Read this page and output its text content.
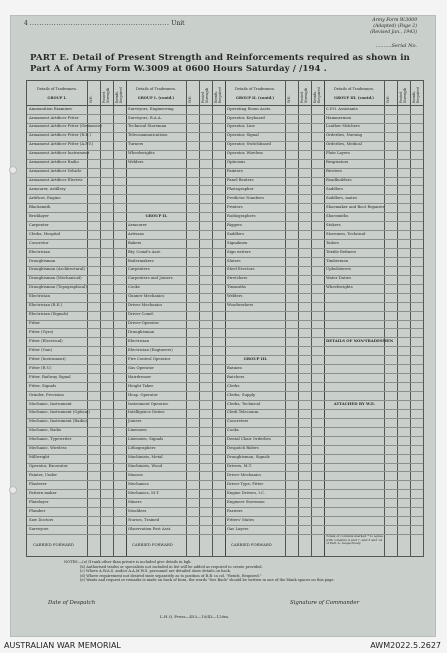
4 .......................................................... Unit	Army Form W.3009
(Adapted) (Page 2)
(Revised Jan., 1943)
..........Serial No.
PART E. Detail of Present Strength and Reinforcements required as shown in
Part A of Army Form W.3009 at 0600 Hours Saturday / /194 .
W.E.	Posted Strength Reinfs. Required
Details of Tradesmen.
GROUP I.
Ammunition Examiner
Armament Artificer Fitter
Armament Artificer Fitter (Ordnance)
Armament Artificer Fitter (R.E.)
Armament Artificer Fitter (A.F.V.)
Armament Artificer Instrument
Armament Artificer Radio
Armament Artificer Vehicle
Armament Artificer Electric
Armourer, Artillery
Artificer, Engine
Blacksmith
Bricklayer
Carpenter
Clerks, Hospital
Concretor
Electrician
Draughtsman
Draughtsman (Architectural)
Draughtsman (Mechanical)
Draughtsman (Topographical)
Electrician
Electrician (R.E.)
Electrician (Signals)
Fitter
Fitter (Gyro)
Fitter (Electrical)
Fitter (Gun)
Fitter (Instrument)
Fitter (R.V.)
Fitter, Railway Signal
Fitter, Signals
Grinder, Precision
Mechanic, Instrument
Mechanic, Instrument (Optical)
Mechanic, Instrument (Radio)
Mechanic, Radio
Mechanic, Typewriter
Mechanic, Wireless
Millwright
Operator, Excavator
Painter, Under
Plasterer
Pattern maker
Platelayer
Plumber
Saw Doctors
Surveyors
CARRIED FORWARD
W.E.	Posted Strength Reinfs. Required
Details of Tradesmen.
GROUP I. (contd.)
Surveyors, Engineering
Surveyors, R.A.A.
Technical Storeman
Telecommunications
Turners
Wheelwrights
Welders
GROUP II.
Armourer
Artisans
Bakers
Bty. Comd's Asst.
Boilermakers
Carpenters
Carpenters and Joiners
Cooks
Gunner Mechanics
Driver Mechanics
Driver Comd.
Driver-Operator
Draughtsman
Electrician
Electrician (Engineers)
Fire Control Operator
Gas Operator
Hairdresser
Height Taker
Hosp. Operator
Instrument Operator
Intelligence Duties
Joiners
Linesmen
Linesmen, Signals
Lithographers
Machinists, Metal
Machinists, Wood
Masons
Mechanics
Mechanics, M.T.
Miners
Moulders
Nurses, Trained
Observation Post Asst.
CARRIED FORWARD
W.E.	Posted Strength Reinfs. Required
Details of Tradesmen.
GROUP II. (contd.)
Operating Room Assts.
Operator, Keyboard
Operator, Line
Operator, Signal
Operator, Switchboard
Operator, Wireless
Opticians
Painters
Panel Beaters
Photographer
Predictor Numbers
Printers
Radiographers
Riggers
Saddlers
Signalmen
Sign writers
Slaters
Steel Erectors
Stretchers
Tinsmiths
Welders
Woodworkers
GROUP III.
Batmen
Butchers
Clerks
Clerks, Supply
Clerks, Technical
Clerk Telecomm.
Concreters
Cooks
Dental Chair Orderlies
Despatch Riders
Draughtsman, Signals
Drivers, M.T.
Driver Mechanics
Driver Type, Fitter
Engine Drivers, I.C.
Engineer Storemen
Farriers
Fitters' Mates
Gas Layers
CARRIED FORWARD
W.E.	Posted Strength Reinfs. Required
Details of Tradesmen.
GROUP III. (contd.)
C.P.O. Assistants
Hammermen
Leather Stitchers
Orderlies, Nursing
Orderlies, Medical
Plate Layers
Respirators
Riveters
Roadbuilders
Saddlers
Saddlers, mates
Shoemaker and Boot Repairer
Shoesmiths
Stokers
Storemen, Technical
Tailors
Textile Refiners
Timbermen
Upholsterers
Water Duties
Wheelwrights
DETAILS OF NON-TRADESMEN
ATTACHED BY W.E.
Totals of columns marked * to agree with columns 4 and 7, and 3 and 14 of Part A, respectively.
NOTES.—(a) If rank other than private is included give details in bgk.
(b) Authorised trades or specialists not included in list will be added as required to create provided.
(c) Where A.W.A.S. and/or A.A.M.W.S. personnel are detailed show details on back.
(d) Where requirement not desired state separately as to position of R.B. in col. "Reinfs. Required."
(e) Wants and request or remarks is made on back of form, the words "See Back" should be written in one of the blank spaces on this page.
Date of Despatch	Signature of Commander
L.H.Q. Press—453—10/43—120m.
AUSTRALIAN WAR MEMORIAL	AWM2022.5.2627
